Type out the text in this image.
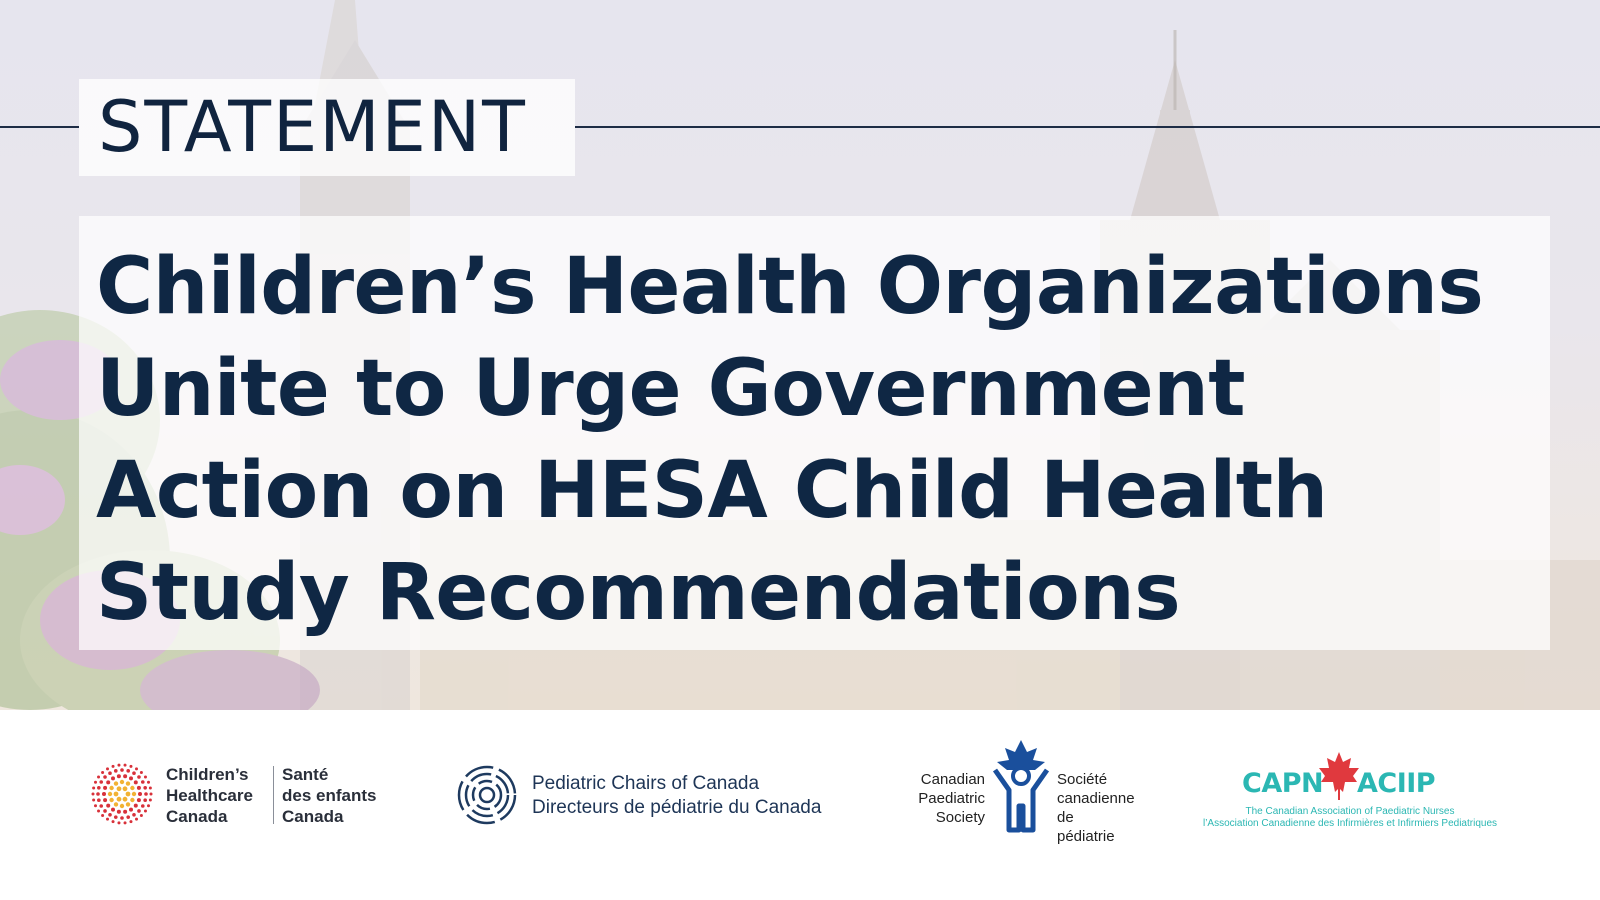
STATEMENT
Children’s Health Organizations
Unite to Urge Government
Action on HESA Child Health
Study Recommendations
Children’s
Healthcare
Canada
Santé
des enfants
Canada
Pediatric Chairs of Canada
Directeurs de pédiatrie du Canada
Canadian
Paediatric
Society
Société
canadienne
de pédiatrie
CAPN ACIIP
The Canadian Association of Paediatric Nurses
l’Association Canadienne des Infirmières et Infirmiers Pediatriques
